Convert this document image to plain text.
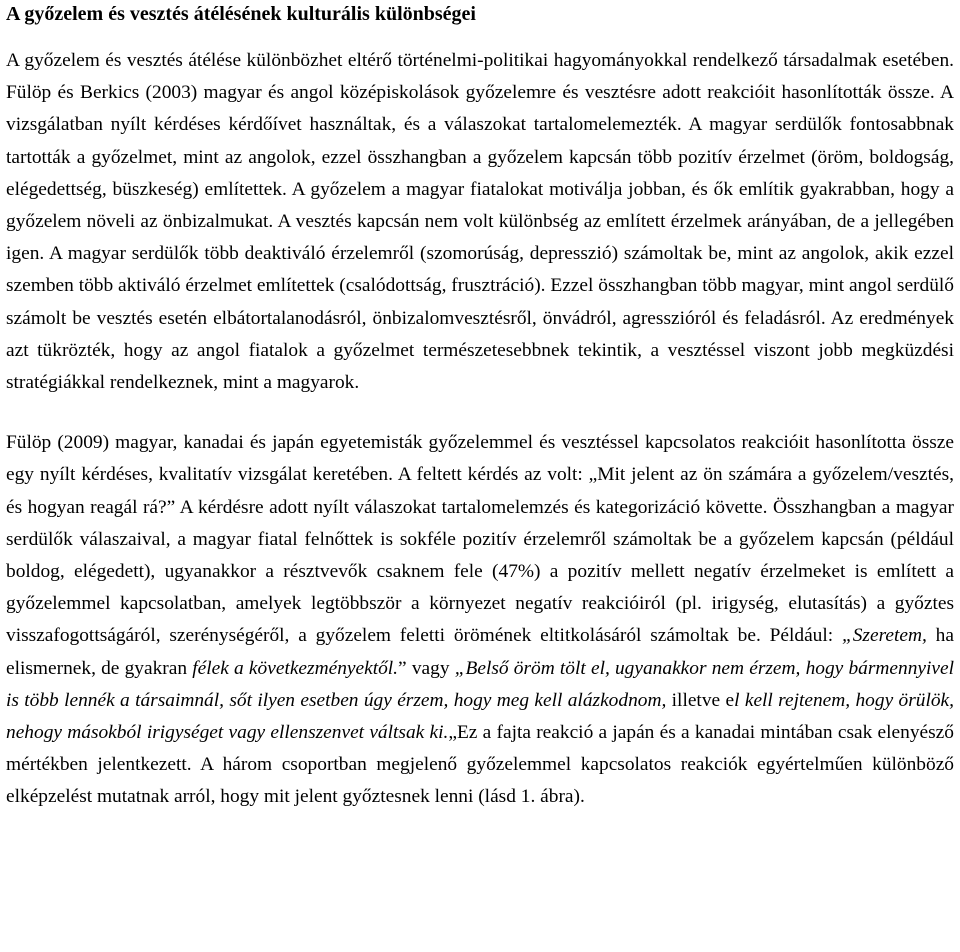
A győzelem és vesztés átélésének kulturális különbségei

A győzelem és vesztés átélése különbözhet eltérő történelmi-politikai hagyományokkal rendelkező társadalmak esetében. Fülöp és Berkics (2003) magyar és angol középiskolások győzelemre és vesztésre adott reakcióit hasonlították össze. A vizsgálatban nyílt kérdéses kérdőívet használtak, és a válaszokat tartalomelemezték. A magyar serdülők fontosabbnak tartották a győzelmet, mint az angolok, ezzel összhangban a győzelem kapcsán több pozitív érzelmet (öröm, boldogság, elégedettség, büszkeség) említettek. A győzelem a magyar fiatalokat motiválja jobban, és ők említik gyakrabban, hogy a győzelem növeli az önbizalmukat. A vesztés kapcsán nem volt különbség az említett érzelmek arányában, de a jellegében igen. A magyar serdülők több deaktiváló érzelemről (szomorúság, depresszió) számoltak be, mint az angolok, akik ezzel szemben több aktiváló érzelmet említettek (csalódottság, frusztráció). Ezzel összhangban több magyar, mint angol serdülő számolt be vesztés esetén elbátortalanodásról, önbizalomvesztésről, önvádról, agresszióról és feladásról. Az eredmények azt tükrözték, hogy az angol fiatalok a győzelmet természetesebbnek tekintik, a vesztéssel viszont jobb megküzdési stratégiákkal rendelkeznek, mint a magyarok.

Fülöp (2009) magyar, kanadai és japán egyetemisták győzelemmel és vesztéssel kapcsolatos reakcióit hasonlította össze egy nyílt kérdéses, kvalitatív vizsgálat keretében. A feltett kérdés az volt: „Mit jelent az ön számára a győzelem/vesztés, és hogyan reagál rá?” A kérdésre adott nyílt válaszokat tartalomelemzés és kategorizáció követte. Összhangban a magyar serdülők válaszaival, a magyar fiatal felnőttek is sokféle pozitív érzelemről számoltak be a győzelem kapcsán (például boldog, elégedett), ugyanakkor a résztvevők csaknem fele (47%) a pozitív mellett negatív érzelmeket is említett a győzelemmel kapcsolatban, amelyek legtöbbször a környezet negatív reakcióiról (pl. irigység, elutasítás) a győztes visszafogottságáról, szerénységéről, a győzelem feletti örömének eltitkolásáról számoltak be. Például: „Szeretem, ha elismernek, de gyakran félek a következményektől.” vagy „Belső öröm tölt el, ugyanakkor nem érzem, hogy bármennyivel is több lennék a társaimnál, sőt ilyen esetben úgy érzem, hogy meg kell alázkodnom, illetve el kell rejtenem, hogy örülök, nehogy másokból irigységet vagy ellenszenvet váltsak ki.„Ez a fajta reakció a japán és a kanadai mintában csak elenyésző mértékben jelentkezett. A három csoportban megjelenő győzelemmel kapcsolatos reakciók egyértelműen különböző elképzelést mutatnak arról, hogy mit jelent győztesnek lenni (lásd 1. ábra).
